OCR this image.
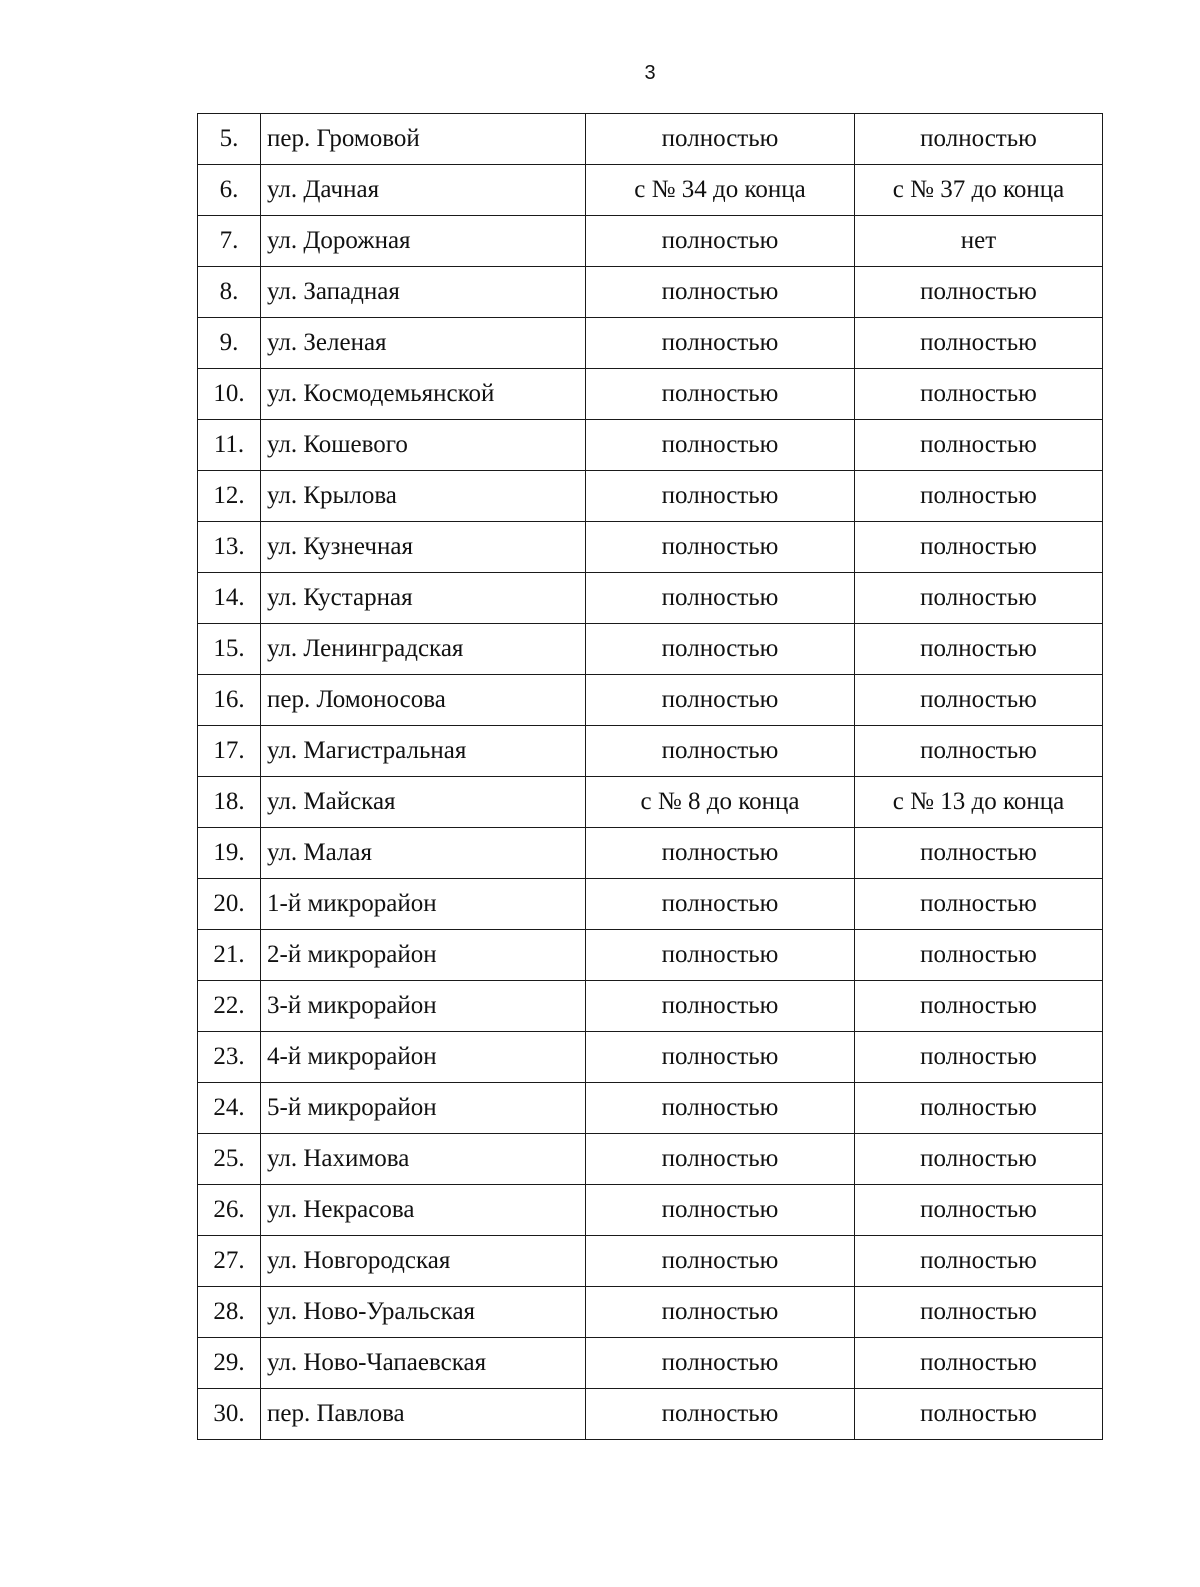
3
5.	пер. Громовой	полностью	полностью
6.	ул. Дачная	с № 34 до конца	с № 37 до конца
7.	ул. Дорожная	полностью	нет
8.	ул. Западная	полностью	полностью
9.	ул. Зеленая	полностью	полностью
10.	ул. Космодемьянской	полностью	полностью
11.	ул. Кошевого	полностью	полностью
12.	ул. Крылова	полностью	полностью
13.	ул. Кузнечная	полностью	полностью
14.	ул. Кустарная	полностью	полностью
15.	ул. Ленинградская	полностью	полностью
16.	пер. Ломоносова	полностью	полностью
17.	ул. Магистральная	полностью	полностью
18.	ул. Майская	с № 8 до конца	с № 13 до конца
19.	ул. Малая	полностью	полностью
20.	1-й микрорайон	полностью	полностью
21.	2-й микрорайон	полностью	полностью
22.	3-й микрорайон	полностью	полностью
23.	4-й микрорайон	полностью	полностью
24.	5-й микрорайон	полностью	полностью
25.	ул. Нахимова	полностью	полностью
26.	ул. Некрасова	полностью	полностью
27.	ул. Новгородская	полностью	полностью
28.	ул. Ново-Уральская	полностью	полностью
29.	ул. Ново-Чапаевская	полностью	полностью
30.	пер. Павлова	полностью	полностью
